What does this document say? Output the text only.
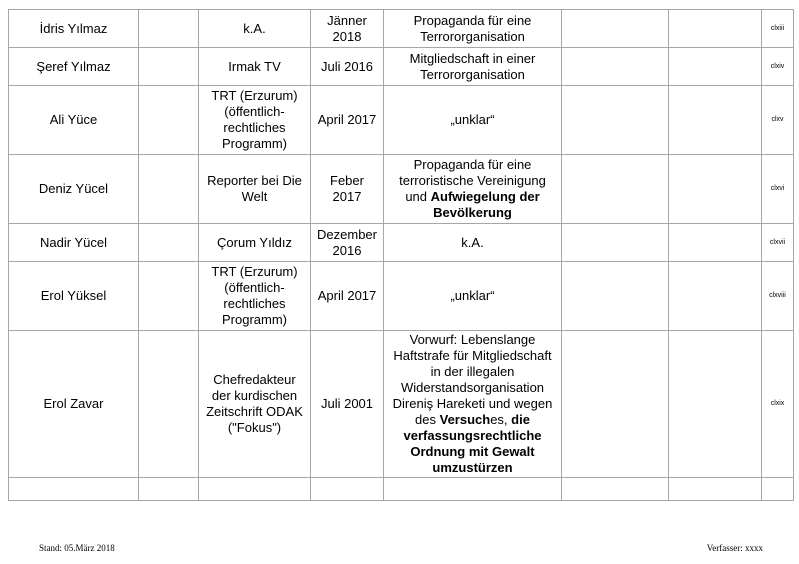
İdris Yılmaz		k.A.	Jänner 2018	Propaganda für eine Terrororganisation			clxiii
Şeref Yılmaz		Irmak TV	Juli 2016	Mitgliedschaft in einer Terrororganisation			clxiv
Ali Yüce		TRT (Erzurum) (öffentlich-rechtliches Programm)	April 2017	„unklar“			clxv
Deniz Yücel		Reporter bei Die Welt	Feber 2017	Propaganda für eine terroristische Vereinigung und Aufwiegelung der Bevölkerung			clxvi
Nadir Yücel		Çorum Yıldız	Dezember 2016	k.A.			clxvii
Erol Yüksel		TRT (Erzurum) (öffentlich-rechtliches Programm)	April 2017	„unklar“			clxviii
Erol Zavar		Chefredakteur der kurdischen Zeitschrift ODAK ("Fokus")	Juli 2001	Vorwurf: Lebenslange Haftstrafe für Mitgliedschaft in der illegalen Widerstandsorganisation Direniş Hareketi und wegen des Versuches, die verfassungsrechtliche Ordnung mit Gewalt umzustürzen			clxix

Stand: 05.März 2018	Verfasser: xxxx
